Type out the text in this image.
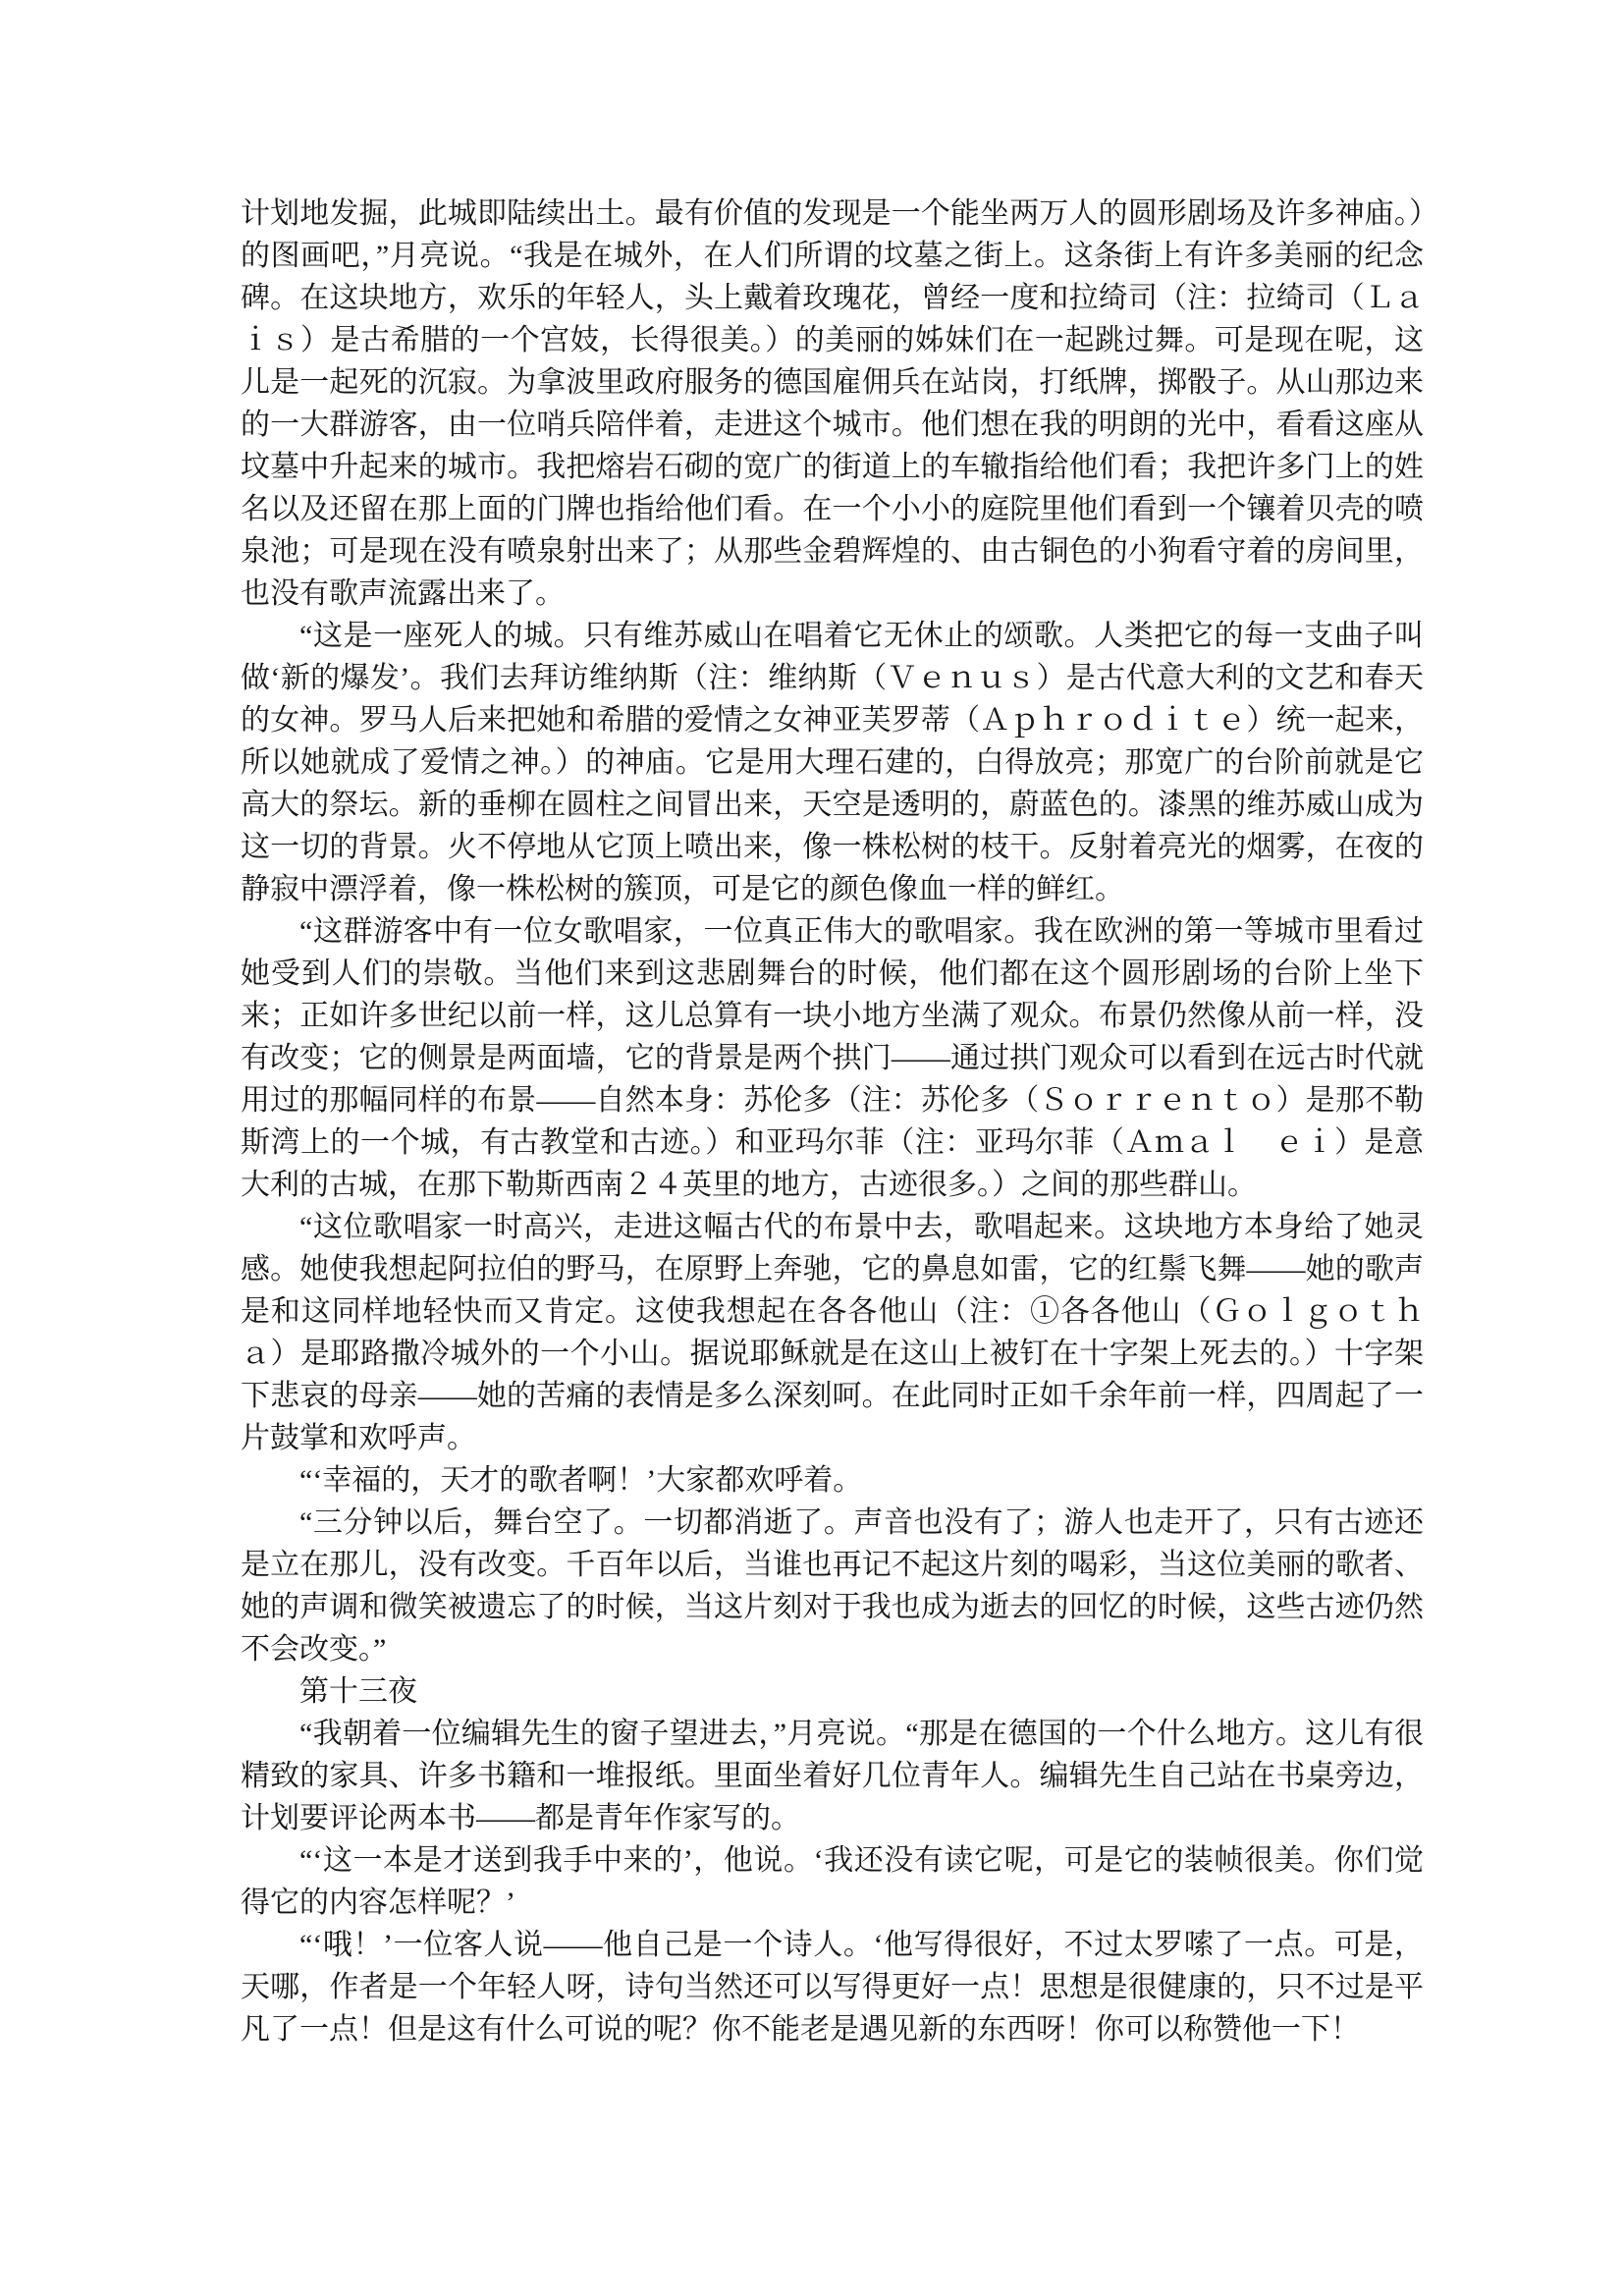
计划地发掘，此城即陆续出土。最有价值的发现是一个能坐两万人的圆形剧场及许多神庙。）的图画吧，”月亮说。“我是在城外，在人们所谓的坟墓之街上。这条街上有许多美丽的纪念碑。在这块地方，欢乐的年轻人，头上戴着玫瑰花，曾经一度和拉绮司（注：拉绮司（Ｌａｉｓ）是古希腊的一个宫妓，长得很美。）的美丽的姊妹们在一起跳过舞。可是现在呢，这儿是一起死的沉寂。为拿波里政府服务的德国雇佣兵在站岗，打纸牌，掷骰子。从山那边来的一大群游客，由一位哨兵陪伴着，走进这个城市。他们想在我的明朗的光中，看看这座从坟墓中升起来的城市。我把熔岩石砌的宽广的街道上的车辙指给他们看；我把许多门上的姓名以及还留在那上面的门牌也指给他们看。在一个小小的庭院里他们看到一个镶着贝壳的喷泉池；可是现在没有喷泉射出来了；从那些金碧辉煌的、由古铜色的小狗看守着的房间里，也没有歌声流露出来了。

“这是一座死人的城。只有维苏威山在唱着它无休止的颂歌。人类把它的每一支曲子叫做‘新的爆发’。我们去拜访维纳斯（注：维纳斯（Ｖｅｎｕｓ）是古代意大利的文艺和春天的女神。罗马人后来把她和希腊的爱情之女神亚芙罗蒂（Ａｐｈｒｏｄｉｔｅ）统一起来，所以她就成了爱情之神。）的神庙。它是用大理石建的，白得放亮；那宽广的台阶前就是它高大的祭坛。新的垂柳在圆柱之间冒出来，天空是透明的，蔚蓝色的。漆黑的维苏威山成为这一切的背景。火不停地从它顶上喷出来，像一株松树的枝干。反射着亮光的烟雾，在夜的静寂中漂浮着，像一株松树的簇顶，可是它的颜色像血一样的鲜红。

“这群游客中有一位女歌唱家，一位真正伟大的歌唱家。我在欧洲的第一等城市里看过她受到人们的崇敬。当他们来到这悲剧舞台的时候，他们都在这个圆形剧场的台阶上坐下来；正如许多世纪以前一样，这儿总算有一块小地方坐满了观众。布景仍然像从前一样，没有改变；它的侧景是两面墙，它的背景是两个拱门——通过拱门观众可以看到在远古时代就用过的那幅同样的布景——自然本身：苏伦多（注：苏伦多（Ｓｏｒｒｅｎｔｏ）是那不勒斯湾上的一个城，有古教堂和古迹。）和亚玛尔菲（注：亚玛尔菲（Ａｍａｌ　ｅｉ）是意大利的古城，在那下勒斯西南２４英里的地方，古迹很多。）之间的那些群山。

“这位歌唱家一时高兴，走进这幅古代的布景中去，歌唱起来。这块地方本身给了她灵感。她使我想起阿拉伯的野马，在原野上奔驰，它的鼻息如雷，它的红鬃飞舞——她的歌声是和这同样地轻快而又肯定。这使我想起在各各他山（注：①各各他山（Ｇｏｌｇｏｔｈａ）是耶路撒冷城外的一个小山。据说耶稣就是在这山上被钉在十字架上死去的。）十字架下悲哀的母亲——她的苦痛的表情是多么深刻呵。在此同时正如千余年前一样，四周起了一片鼓掌和欢呼声。

“‘幸福的，天才的歌者啊！’大家都欢呼着。

“三分钟以后，舞台空了。一切都消逝了。声音也没有了；游人也走开了，只有古迹还是立在那儿，没有改变。千百年以后，当谁也再记不起这片刻的喝彩，当这位美丽的歌者、她的声调和微笑被遗忘了的时候，当这片刻对于我也成为逝去的回忆的时候，这些古迹仍然不会改变。”

第十三夜

“我朝着一位编辑先生的窗子望进去，”月亮说。“那是在德国的一个什么地方。这儿有很精致的家具、许多书籍和一堆报纸。里面坐着好几位青年人。编辑先生自己站在书桌旁边，计划要评论两本书——都是青年作家写的。

“‘这一本是才送到我手中来的’，他说。‘我还没有读它呢，可是它的装帧很美。你们觉得它的内容怎样呢？’

“‘哦！’一位客人说——他自己是一个诗人。‘他写得很好，不过太罗嗦了一点。可是，天哪，作者是一个年轻人呀，诗句当然还可以写得更好一点！思想是很健康的，只不过是平凡了一点！但是这有什么可说的呢？你不能老是遇见新的东西呀！你可以称赞他一下！
